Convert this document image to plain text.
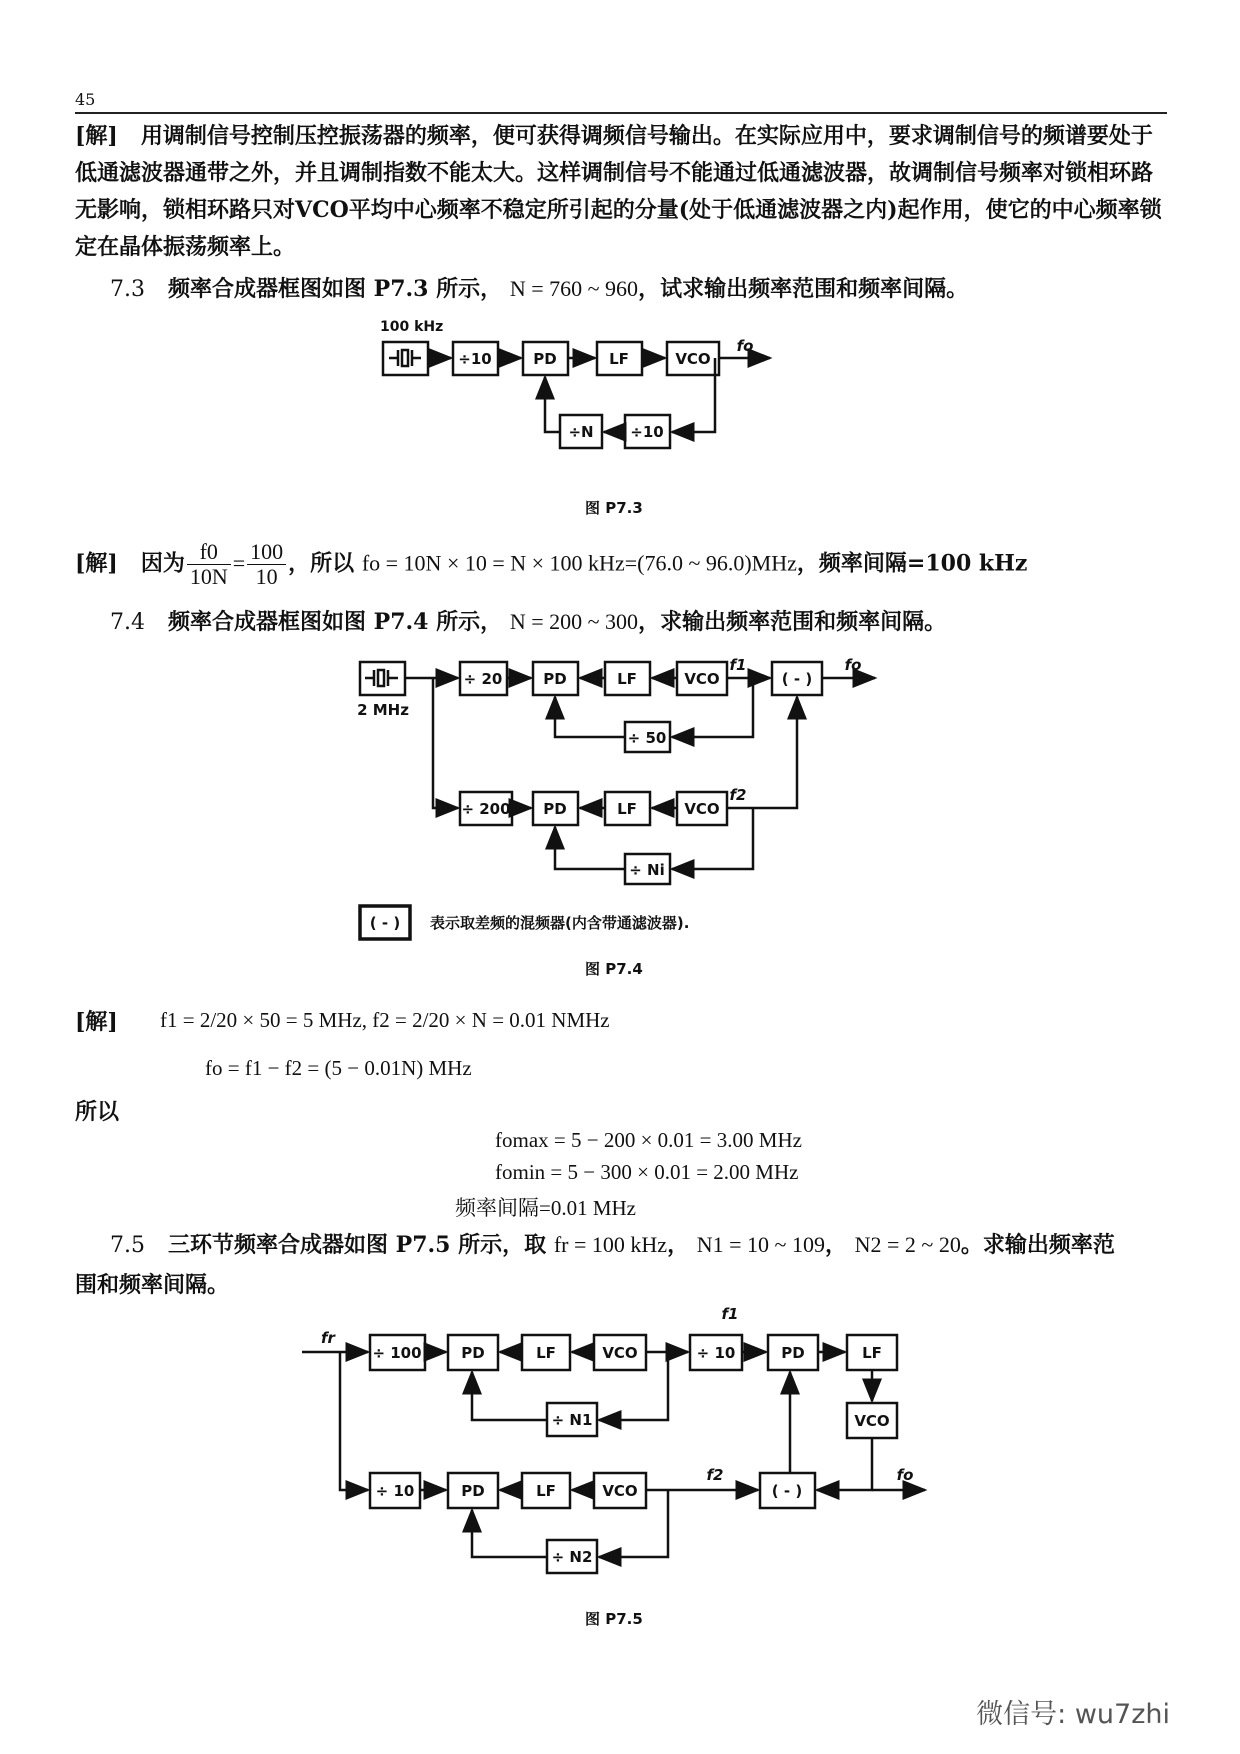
45

[解] 用调制信号控制压控振荡器的频率，便可获得调频信号输出。在实际应用中，要求调制信号的频谱要处于低通滤波器通带之外，并且调制指数不能太大。这样调制信号不能通过低通滤波器，故调制信号频率对锁相环路无影响，锁相环路只对VCO平均中心频率不稳定所引起的分量(处于低通滤波器之内)起作用，使它的中心频率锁定在晶体振荡频率上。

7.3 频率合成器框图如图 P7.3 所示， N = 760 ~ 960，试求输出频率范围和频率间隔。
100 kHz
÷10	PD	LF	VCO
÷N ÷10
fo
图 P7.3
[解] 因为 $\frac{f0}{10N} = \frac{100}{10}$ ，所以 fo = 10N × 10 = N × 100 kHz=(76.0 ~ 96.0)MHz，频率间隔=100 kHz
7.4 频率合成器框图如图 P7.4 所示， N = 200 ~ 300，求输出频率范围和频率间隔。
2 MHz
÷ 20	PD	LF	VCO
f1
( - )
fo
÷ 50
÷ 200 PD	LF	VCO
f2
÷ Ni
( - ) 表示取差频的混频器(内含带通滤波器).
图 P7.4
[解] f1 = 2/20 × 50 = 5 MHz, f2 = 2/20 × N = 0.01 NMHz
fo = f1 − f2 = (5 − 0.01N) MHz
所以
fomax = 5 − 200 × 0.01 = 3.00 MHz
fomin = 5 − 300 × 0.01 = 2.00 MHz
频率间隔=0.01 MHz
7.5 三环节频率合成器如图 P7.5 所示，取 fr = 100 kHz， N1 = 10 ~ 109， N2 = 2 ~ 20。求输出频率范
围和频率间隔。
fr
÷ 100	PD	LF	VCO	÷ 10
f1
PD	LF
÷ N1	VCO
÷ 10	PD	LF	VCO
f2
( - )
fo
÷ N2
图 P7.5
微信号: wu7zhi
